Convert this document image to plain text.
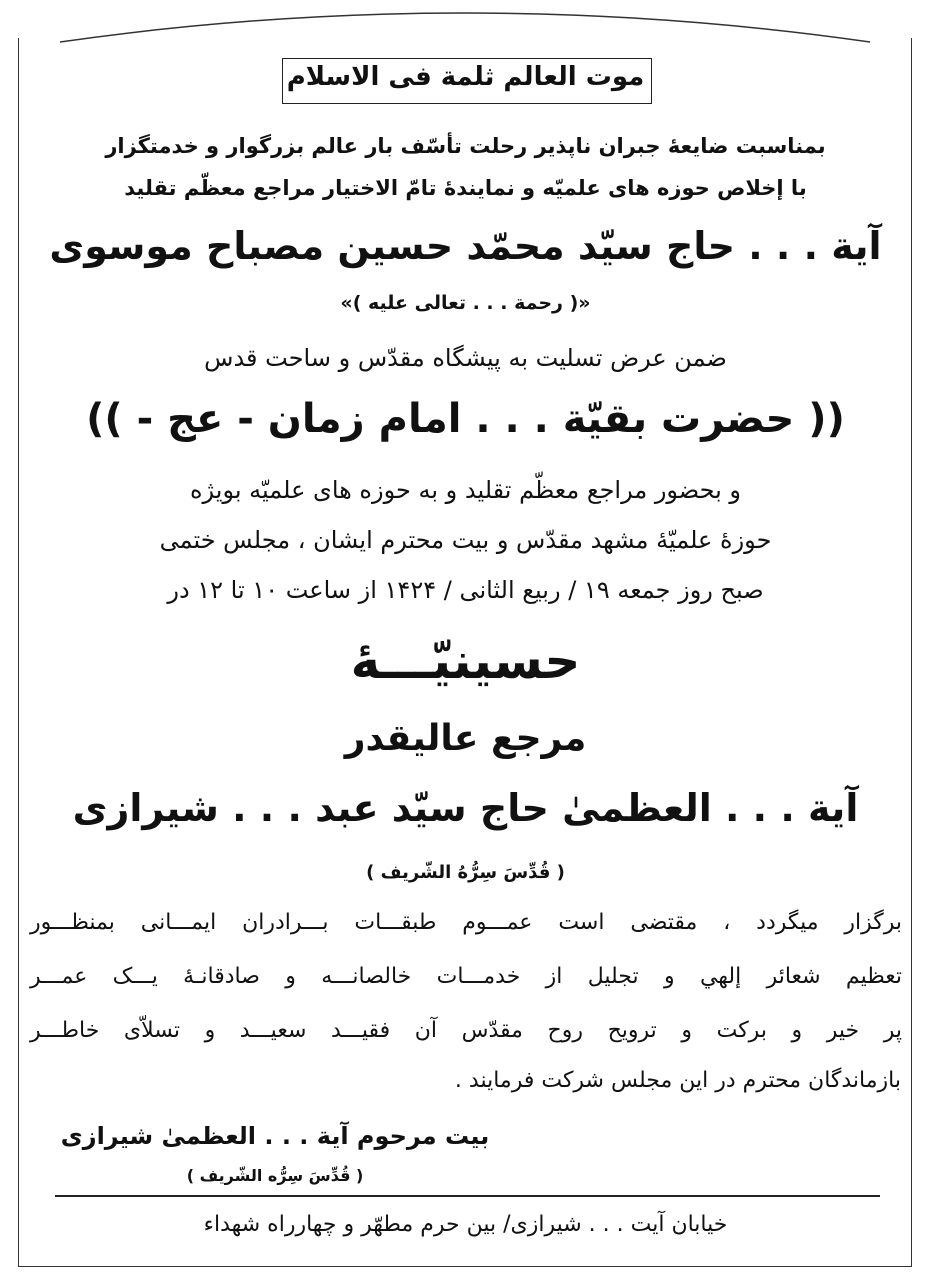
موت العالم ثلمة فی الاسلام
بمناسبت ضایعۀ جبران ناپذیر رحلت تأسّف بار عالم بزرگوار و خدمتگزار
با إخلاص حوزه های علمیّه و نمایندۀ تامّ الاختیار مراجع معظّم تقلید
آیة . . . حاج سیّد محمّد حسین مصباح موسوی
«( رحمة . . . تعالى علیه )»
ضمن عرض تسلیت به پیشگاه مقدّس و ساحت قدس
(( حضرت بقیّة . . . امام زمان - عج - ))
و بحضور مراجع معظّم تقلید و به حوزه های علمیّه بویژه
حوزۀ علمیّۀ مشهد مقدّس و بیت محترم ایشان ، مجلس ختمی
صبح روز جمعه ۱۹ / ربیع الثانی / ۱۴۲۴ از ساعت ۱۰ تا ۱۲ در
حسینیّـــۀ
مرجع عالیقدر
آیة . . . العظمیٰ حاج سیّد عبد . . . شیرازی
( قُدِّسَ سِرُّهُ الشّریف )
برگزار میگردد ، مقتضی است عمـــوم طبقـــات بـــرادران ایمـــانی بمنظـــور
تعظیم شعائر إلهي و تجلیل از خدمـــات خالصانـــه و صادقانـۀ یـــک عمـــر
پر خیر و برکت و ترویح روح مقدّس آن فقیـــد سعیـــد و تسلاّی خاطـــر
بازماندگان محترم در این مجلس شرکت فرمایند .
بیت مرحوم آیة . . . العظمیٰ شیرازی
( قُدِّسَ سِرُّه الشّریف )
خیابان آیت . . . شیرازی/ بین حرم مطهّر و چهارراه شهداء
